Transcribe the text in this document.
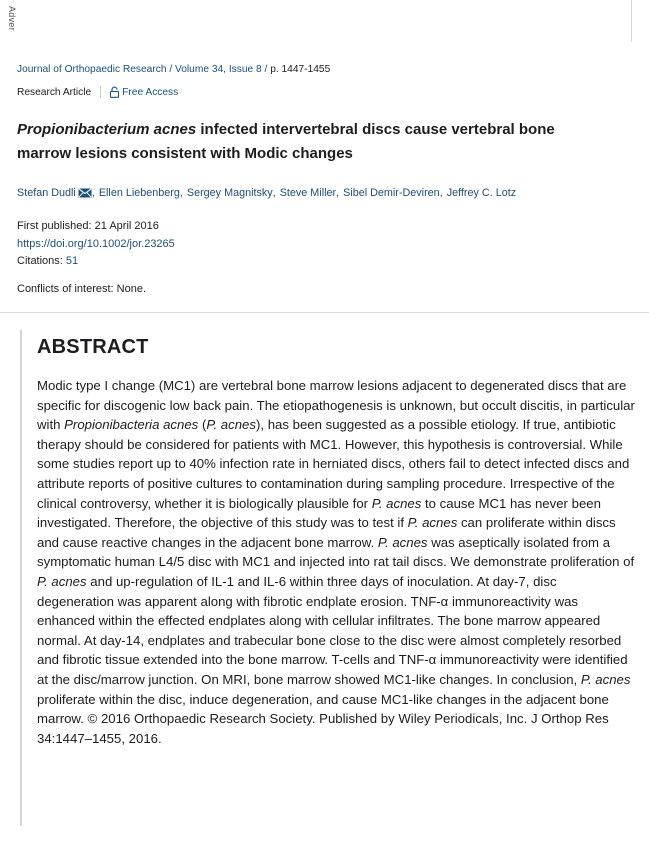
Adver
Journal of Orthopaedic Research / Volume 34, Issue 8 / p. 1447-1455
Research Article	Free Access
Propionibacterium acnes infected intervertebral discs cause vertebral bone
marrow lesions consistent with Modic changes
Stefan Dudli , Ellen Liebenberg , Sergey Magnitsky , Steve Miller , Sibel Demir-Deviren , Jeffrey C. Lotz
First published: 21 April 2016
https://doi.org/10.1002/jor.23265
Citations: 51
Conflicts of interest: None.
ABSTRACT

Modic type I change (MC1) are vertebral bone marrow lesions adjacent to degenerated discs that are specific for discogenic low back pain. The etiopathogenesis is unknown, but occult discitis, in particular with Propionibacteria acnes (P. acnes), has been suggested as a possible etiology. If true, antibiotic therapy should be considered for patients with MC1. However, this hypothesis is controversial. While some studies report up to 40% infection rate in herniated discs, others fail to detect infected discs and attribute reports of positive cultures to contamination during sampling procedure. Irrespective of the clinical controversy, whether it is biologically plausible for P. acnes to cause MC1 has never been investigated. Therefore, the objective of this study was to test if P. acnes can proliferate within discs and cause reactive changes in the adjacent bone marrow. P. acnes was aseptically isolated from a symptomatic human L4/5 disc with MC1 and injected into rat tail discs. We demonstrate proliferation of P. acnes and up-regulation of IL-1 and IL-6 within three days of inoculation. At day-7, disc degeneration was apparent along with fibrotic endplate erosion. TNF-α immunoreactivity was enhanced within the effected endplates along with cellular infiltrates. The bone marrow appeared normal. At day-14, endplates and trabecular bone close to the disc were almost completely resorbed and fibrotic tissue extended into the bone marrow. T-cells and TNF-α immunoreactivity were identified at the disc/marrow junction. On MRI, bone marrow showed MC1-like changes. In conclusion, P. acnes proliferate within the disc, induce degeneration, and cause MC1-like changes in the adjacent bone marrow. © 2016 Orthopaedic Research Society. Published by Wiley Periodicals, Inc. J Orthop Res 34:1447–1455, 2016.
